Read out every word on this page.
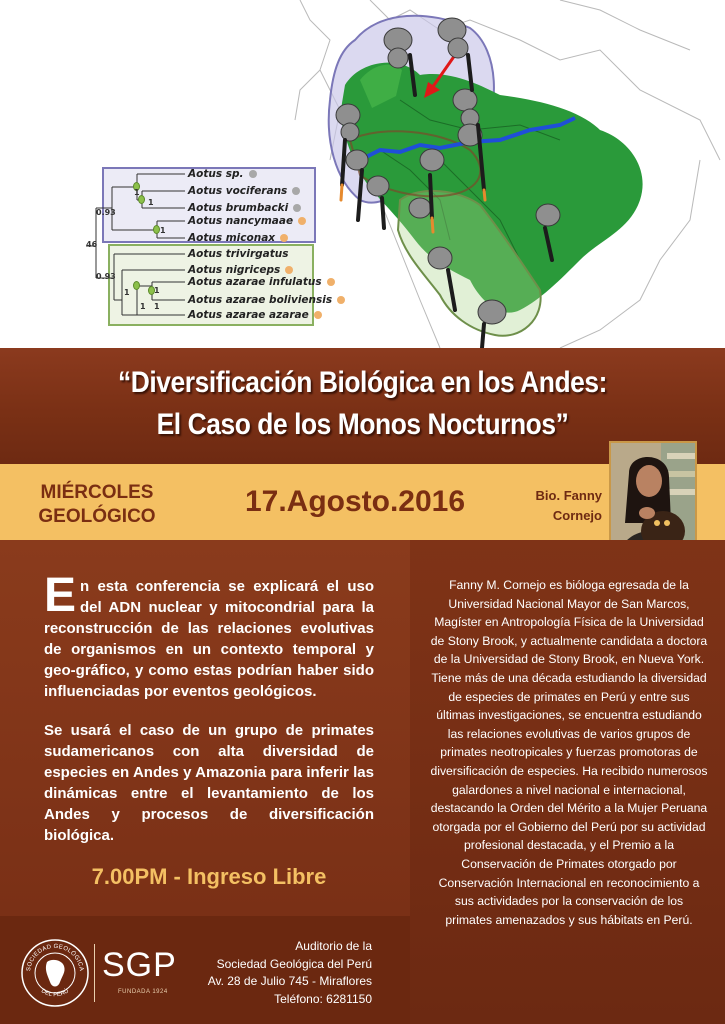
1
1
1
0.93
46
0.93
1
1
1
1
Aotus sp.
Aotus vociferans
Aotus brumbacki
Aotus nancymaae
Aotus miconax
Aotus trivirgatus
Aotus nigriceps
Aotus azarae infulatus
Aotus azarae boliviensis
Aotus azarae azarae
“Diversificación Biológica en los Andes:
El Caso de los Monos Nocturnos”
MIÉRCOLES
GEOLÓGICO	17.Agosto.2016	Bio. Fanny
Cornejo
En esta conferencia se explicará el uso del ADN nuclear y mitocondrial para la reconstrucción de las relaciones evolutivas de organismos en un contexto temporal y geo-gráfico, y como estas podrían haber sido influenciadas por eventos geológicos.
Se usará el caso de un grupo de primates sudamericanos con alta diversidad de especies en Andes y Amazonia para inferir las dinámicas entre el levantamiento de los Andes y procesos de diversificación biológica.
7.00PM - Ingreso Libre
Fanny M. Cornejo es bióloga egresada de la Universidad Nacional Mayor de San Marcos, Magíster en Antropología Física de la Universidad de Stony Brook, y actualmente candidata a doctora de la Universidad de Stony Brook, en Nueva York. Tiene más de una década estudiando la diversidad de especies de primates en Perú y entre sus últimas investigaciones, se encuentra estudiando las relaciones evolutivas de varios grupos de primates neotropicales y fuerzas promotoras de diversificación de especies. Ha recibido numerosos galardones a nivel nacional e internacional, destacando la Orden del Mérito a la Mujer Peruana otorgada por el Gobierno del Perú por su actividad profesional destacada, y el Premio a la Conservación de Primates otorgado por Conservación Internacional en reconocimiento a sus actividades por la conservación de los primates amenazados y sus hábitats en Perú.
SOCIEDAD GEOLÓGICA
DEL PERÚ
SGP
FUNDADA 1924
Auditorio de la
Sociedad Geológica del Perú
Av. 28 de Julio 745 - Miraflores
Teléfono: 6281150
